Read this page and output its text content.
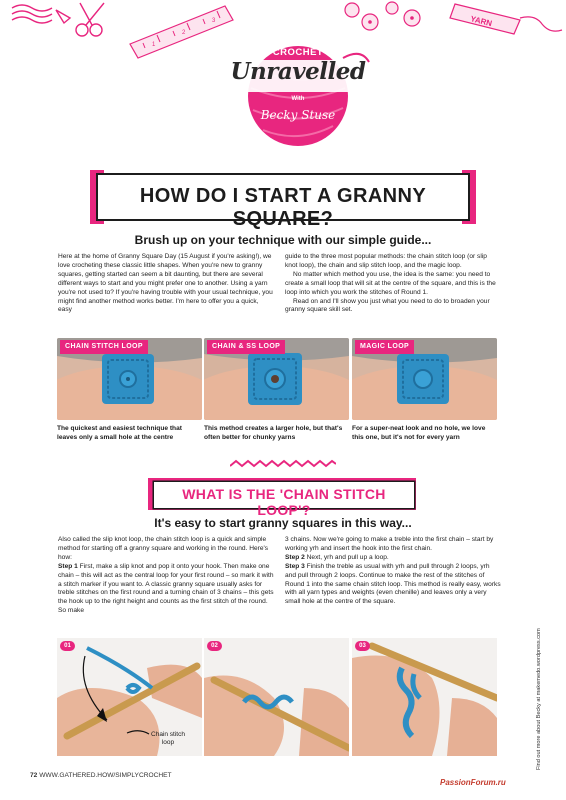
1
2
3	YARN
CROCHET
Unravelled
With
Becky Stuse
HOW DO I START A GRANNY SQUARE?
Brush up on your technique with our simple guide...

Here at the home of Granny Square Day (15 August if you're asking!), we love crocheting these classic little shapes. When you're new to granny squares, getting started can seem a bit daunting, but there are several different ways to start and you might prefer one to another. Using a yarn you're not used to? If you're having trouble with your usual technique, you might find another method works better. I'm here to offer you a quick, easy

guide to the three most popular methods: the chain stitch loop (or slip knot loop), the chain and slip stitch loop, and the magic loop.

No matter which method you use, the idea is the same: you need to create a small loop that will sit at the centre of the square, and this is the loop into which you work the stitches of Round 1.

Read on and I'll show you just what you need to do to broaden your granny square skill set.

CHAIN STITCH LOOP	CHAIN & SS LOOP	MAGIC LOOP
The quickest and easiest technique that leaves only a small hole at the centre
This method creates a larger hole, but that's often better for chunky yarns
For a super-neat look and no hole, we love this one, but it's not for every yarn
WHAT IS THE 'CHAIN STITCH LOOP'?
It's easy to start granny squares in this way...

Also called the slip knot loop, the chain stitch loop is a quick and simple method for starting off a granny square and working in the round. Here's how:

Step 1 First, make a slip knot and pop it onto your hook. Then make one chain – this will act as the central loop for your first round – so mark it with a stitch marker if you want to. A classic granny square usually asks for treble stitches on the first round and a turning chain of 3 chains – this gets the hook up to the right height and counts as the first stitch of the round. So make

3 chains. Now we're going to make a treble into the first chain – start by working yrh and insert the hook into the first chain.

Step 2 Next, yrh and pull up a loop.

Step 3 Finish the treble as usual with yrh and pull through 2 loops, yrh and pull through 2 loops. Continue to make the rest of the stitches of Round 1 into the same chain stitch loop. This method is really easy, works with all yarn types and weights (even chenille) and leaves only a very small hole at the centre of the square.

01	02	03
Chain stitch loop	Find out more about Becky at makemedo.wordpress.com
72 WWW.GATHERED.HOW/SIMPLYCROCHET
PassionForum.ru
